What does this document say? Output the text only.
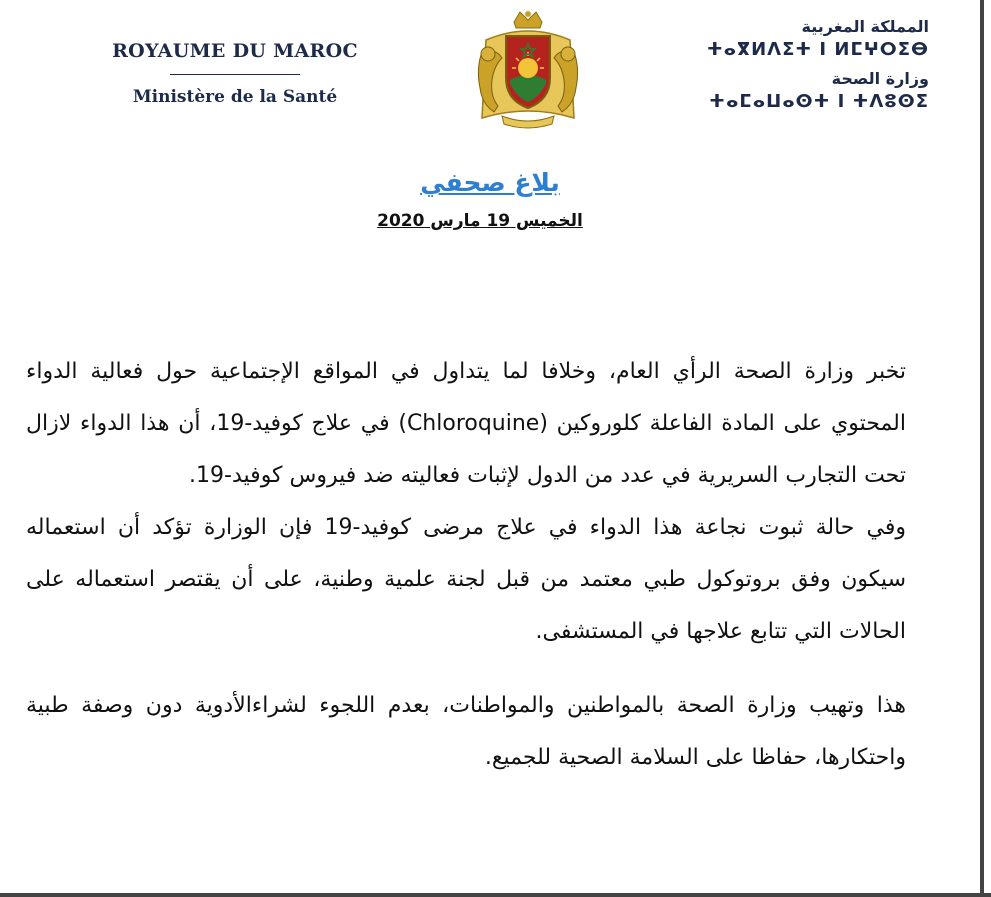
ROYAUME DU MAROC
Ministère de la Santé
المملكة المغربية
ⵜⴰⴳⵍⴷⵉⵜ ⵏ ⵍⵎⵖⵔⵉⴱ
وزارة الصحة
ⵜⴰⵎⴰⵡⴰⵙⵜ ⵏ ⵜⴷⵓⵙⵉ
بلاغ صحفي
الخميس 19 مارس 2020

تخبر وزارة الصحة الرأي العام، وخلافا لما يتداول في المواقع الإجتماعية حول فعالية الدواء المحتوي على المادة الفاعلة كلوروكين (Chloroquine) في علاج كوفيد-19، أن هذا الدواء لازال تحت التجارب السريرية في عدد من الدول لإثبات فعاليته ضد فيروس كوفيد-19.

وفي حالة ثبوت نجاعة هذا الدواء في علاج مرضى كوفيد-19 فإن الوزارة تؤكد أن استعماله سيكون وفق بروتوكول طبي معتمد من قبل لجنة علمية وطنية، على أن يقتصر استعماله على الحالات التي تتابع علاجها في المستشفى.

هذا وتهيب وزارة الصحة بالمواطنين والمواطنات، بعدم اللجوء لشراءالأدوية دون وصفة طبية واحتكارها، حفاظا على السلامة الصحية للجميع.
